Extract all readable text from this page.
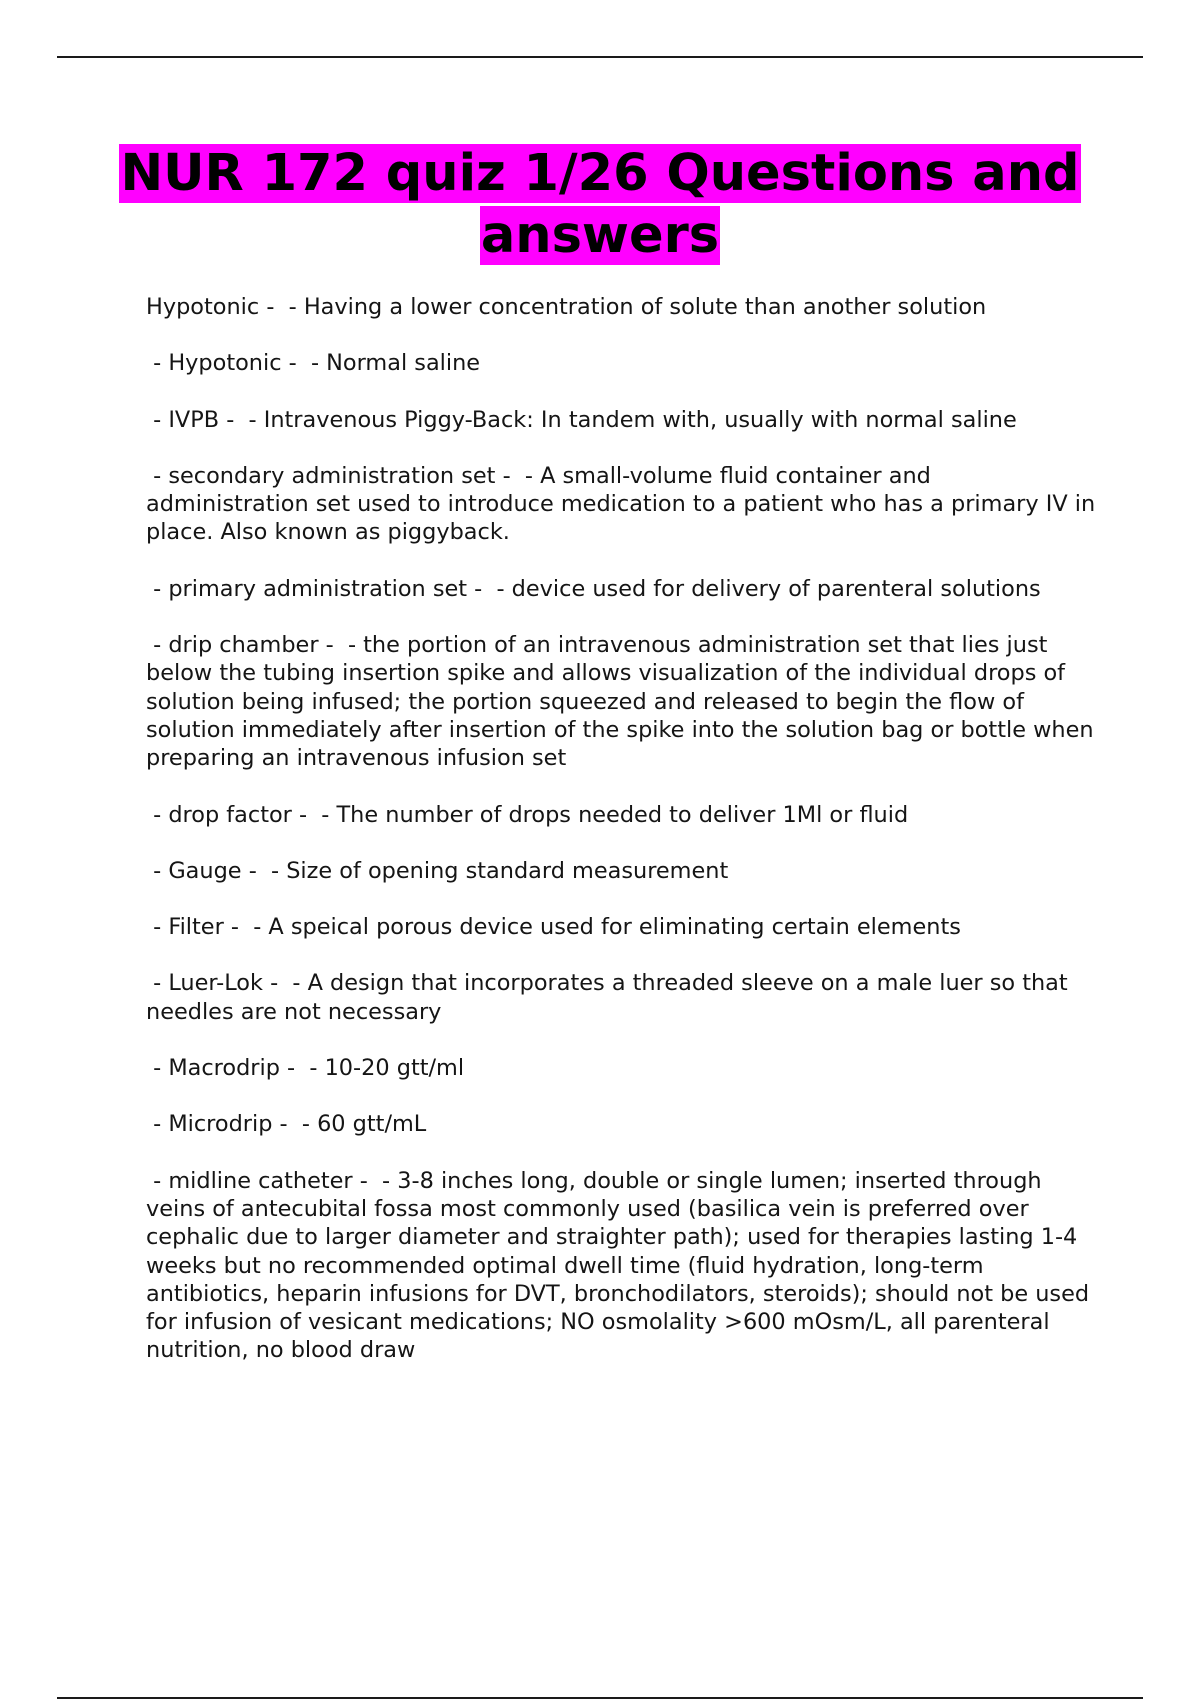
NUR 172 quiz 1/26 Questions and answers

Hypotonic -  - Having a lower concentration of solute than another solution

- Hypotonic -  - Normal saline

- IVPB -  - Intravenous Piggy-Back: In tandem with, usually with normal saline

- secondary administration set -  - A small-volume fluid container and administration set used to introduce medication to a patient who has a primary IV in place. Also known as piggyback.

- primary administration set -  - device used for delivery of parenteral solutions

- drip chamber -  - the portion of an intravenous administration set that lies just below the tubing insertion spike and allows visualization of the individual drops of solution being infused; the portion squeezed and released to begin the flow of solution immediately after insertion of the spike into the solution bag or bottle when preparing an intravenous infusion set

- drop factor -  - The number of drops needed to deliver 1Ml or fluid

- Gauge -  - Size of opening standard measurement

- Filter -  - A speical porous device used for eliminating certain elements

- Luer-Lok -  - A design that incorporates a threaded sleeve on a male luer so that needles are not necessary

- Macrodrip -  - 10-20 gtt/ml

- Microdrip -  - 60 gtt/mL

- midline catheter -  - 3-8 inches long, double or single lumen; inserted through veins of antecubital fossa most commonly used (basilica vein is preferred over cephalic due to larger diameter and straighter path); used for therapies lasting 1-4 weeks but no recommended optimal dwell time (fluid hydration, long-term antibiotics, heparin infusions for DVT, bronchodilators, steroids); should not be used for infusion of vesicant medications; NO osmolality >600 mOsm/L, all parenteral nutrition, no blood draw
